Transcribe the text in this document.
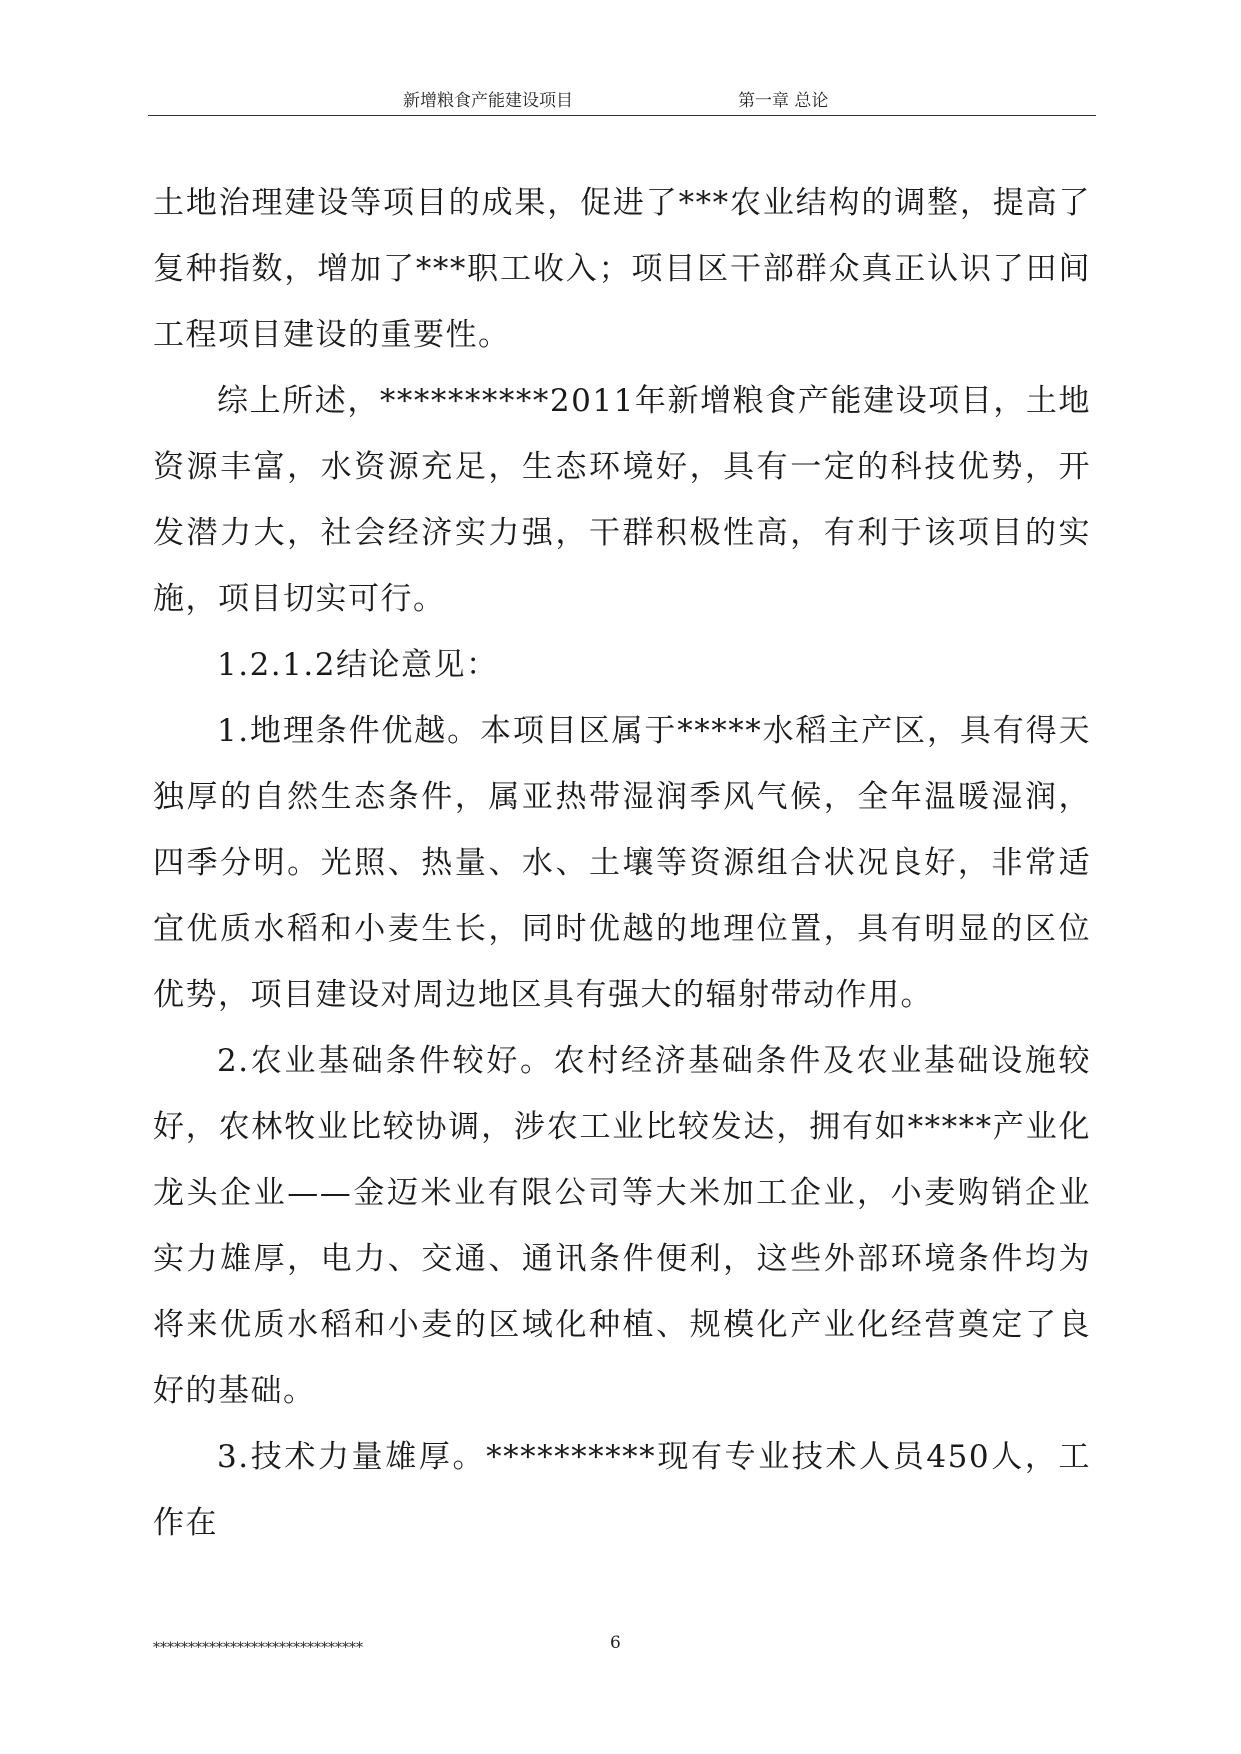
新增粮食产能建设项目	第一章 总论

土地治理建设等项目的成果，促进了***农业结构的调整，提高了复种指数，增加了***职工收入；项目区干部群众真正认识了田间工程项目建设的重要性。

综上所述，**********2011年新增粮食产能建设项目，土地资源丰富，水资源充足，生态环境好，具有一定的科技优势，开发潜力大，社会经济实力强，干群积极性高，有利于该项目的实施，项目切实可行。

1.2.1.2结论意见：

1.地理条件优越。本项目区属于*****水稻主产区，具有得天独厚的自然生态条件，属亚热带湿润季风气候，全年温暖湿润，四季分明。光照、热量、水、土壤等资源组合状况良好，非常适宜优质水稻和小麦生长，同时优越的地理位置，具有明显的区位优势，项目建设对周边地区具有强大的辐射带动作用。

2.农业基础条件较好。农村经济基础条件及农业基础设施较好，农林牧业比较协调，涉农工业比较发达，拥有如*****产业化龙头企业——金迈米业有限公司等大米加工企业，小麦购销企业实力雄厚，电力、交通、通讯条件便利，这些外部环境条件均为将来优质水稻和小麦的区域化种植、规模化产业化经营奠定了良好的基础。

3.技术力量雄厚。**********现有专业技术人员450人，工作在

******************************	6
